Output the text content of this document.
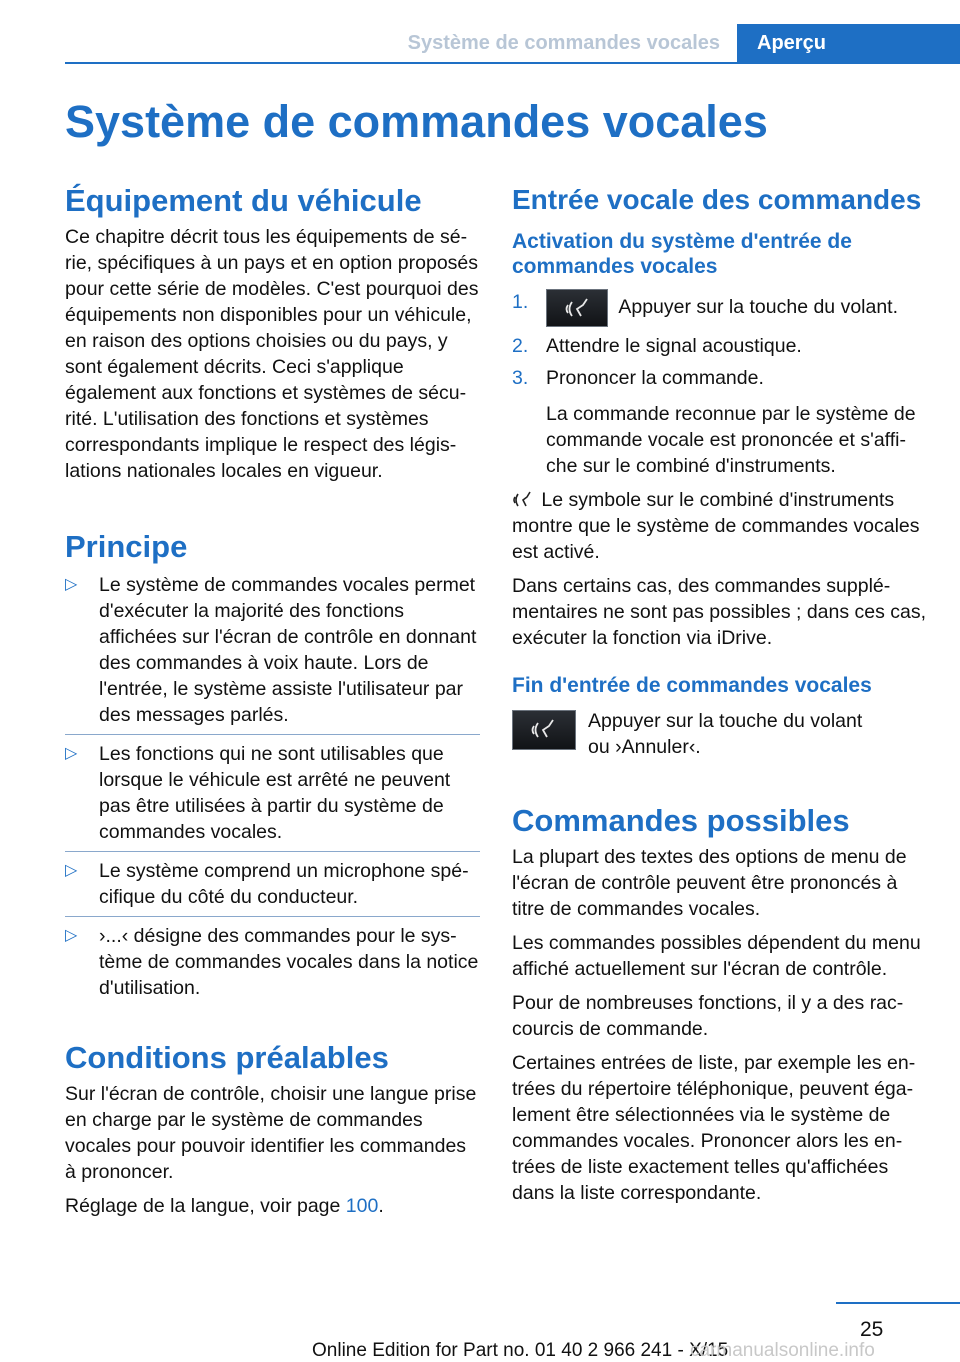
Système de commandes vocales	Aperçu
Système de commandes vocales
Équipement du véhicule

Ce chapitre décrit tous les équipements de série, spécifiques à un pays et en option proposés pour cette série de modèles. C'est pourquoi des équipements non disponibles pour un véhicule, en raison des options choisies ou du pays, y sont également décrits. Ceci s'applique également aux fonctions et systèmes de sécurité. L'utilisation des fonctions et systèmes correspondants implique le respect des législations nationales locales en vigueur.

Principe
▷ Le système de commandes vocales permet d'exécuter la majorité des fonctions affichées sur l'écran de contrôle en donnant des commandes à voix haute. Lors de l'entrée, le système assiste l'utilisateur par des messages parlés.
▷ Les fonctions qui ne sont utilisables que lorsque le véhicule est arrêté ne peuvent pas être utilisées à partir du système de commandes vocales.
▷ Le système comprend un microphone spécifique du côté du conducteur.
▷ ›...‹ désigne des commandes pour le système de commandes vocales dans la notice d'utilisation.
Conditions préalables

Sur l'écran de contrôle, choisir une langue prise en charge par le système de commandes vocales pour pouvoir identifier les commandes à prononcer.

Réglage de la langue, voir page 100.

Entrée vocale des commandes
Activation du système d'entrée de commandes vocales
1.	Appuyer sur la touche du volant.
2. Attendre le signal acoustique.
3. Prononcer la commande.

La commande reconnue par le système de commande vocale est prononcée et s'affiche sur le combiné d'instruments.

Le symbole sur le combiné d'instruments montre que le système de commandes vocales est activé.

Dans certains cas, des commandes supplémentaires ne sont pas possibles ; dans ces cas, exécuter la fonction via iDrive.

Fin d'entrée de commandes vocales

Appuyer sur la touche du volant ou ›Annuler‹.

Commandes possibles

La plupart des textes des options de menu de l'écran de contrôle peuvent être prononcés à titre de commandes vocales.

Les commandes possibles dépendent du menu affiché actuellement sur l'écran de contrôle.

Pour de nombreuses fonctions, il y a des raccourcis de commande.

Certaines entrées de liste, par exemple les entrées du répertoire téléphonique, peuvent également être sélectionnées via le système de commandes vocales. Prononcer alors les entrées de liste exactement telles qu'affichées dans la liste correspondante.

25
Online Edition for Part no. 01 40 2 966 241 - X/15
carmanualsonline.info
